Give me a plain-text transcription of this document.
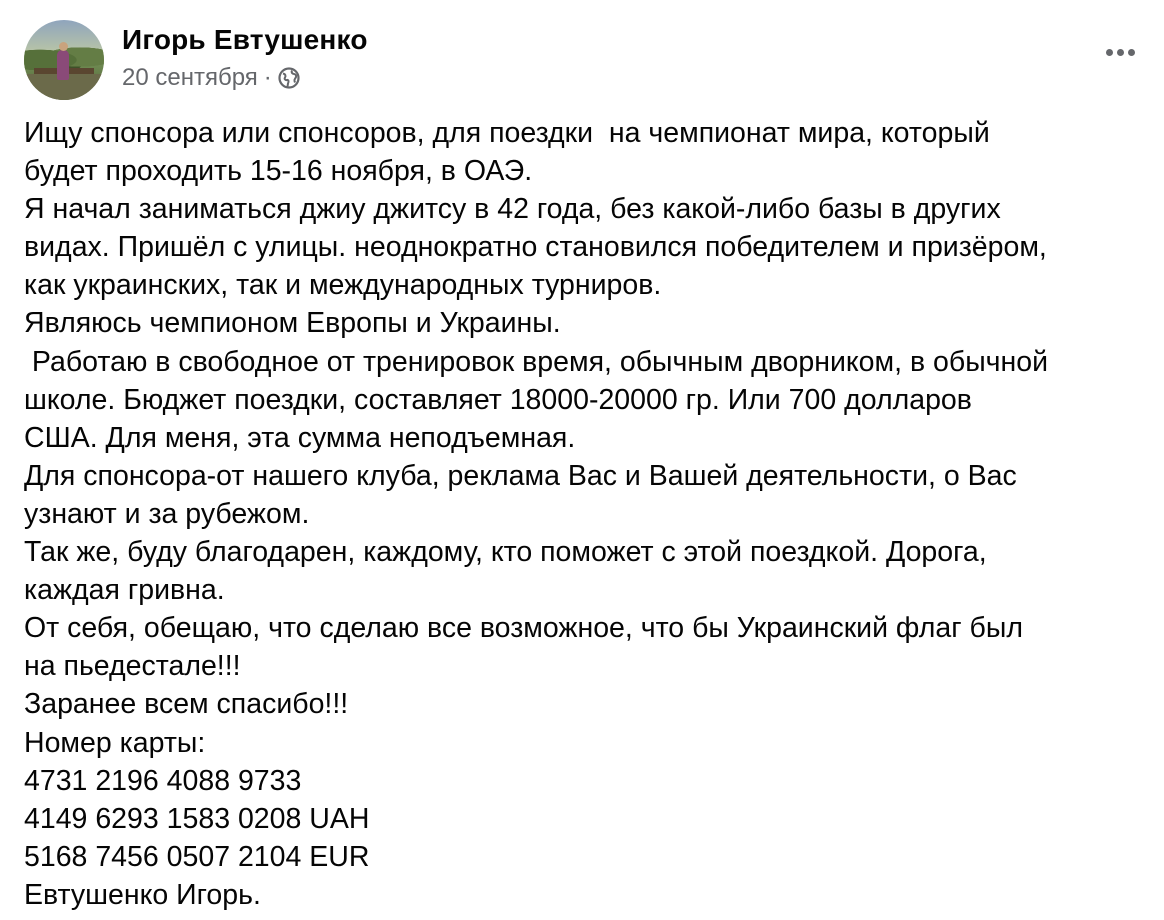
Игорь Евтушенко
20 сентября ·
Ищу спонсора или спонсоров, для поездки  на чемпионат мира, который
будет проходить 15-16 ноября, в ОАЭ.
Я начал заниматься джиу джитсу в 42 года, без какой-либо базы в других
видах. Пришёл с улицы. неоднократно становился победителем и призёром,
как украинских, так и международных турниров.
Являюсь чемпионом Европы и Украины.
Работаю в свободное от тренировок время, обычным дворником, в обычной
школе. Бюджет поездки, составляет 18000-20000 гр. Или 700 долларов
США. Для меня, эта сумма неподъемная.
Для спонсора-от нашего клуба, реклама Вас и Вашей деятельности, о Вас
узнают и за рубежом.
Так же, буду благодарен, каждому, кто поможет с этой поездкой. Дорога,
каждая гривна.
От себя, обещаю, что сделаю все возможное, что бы Украинский флаг был
на пьедестале!!!
Заранее всем спасибо!!!
Номер карты:
4731 2196 4088 9733
4149 6293 1583 0208 UAH
5168 7456 0507 2104 EUR
Евтушенко Игорь.
